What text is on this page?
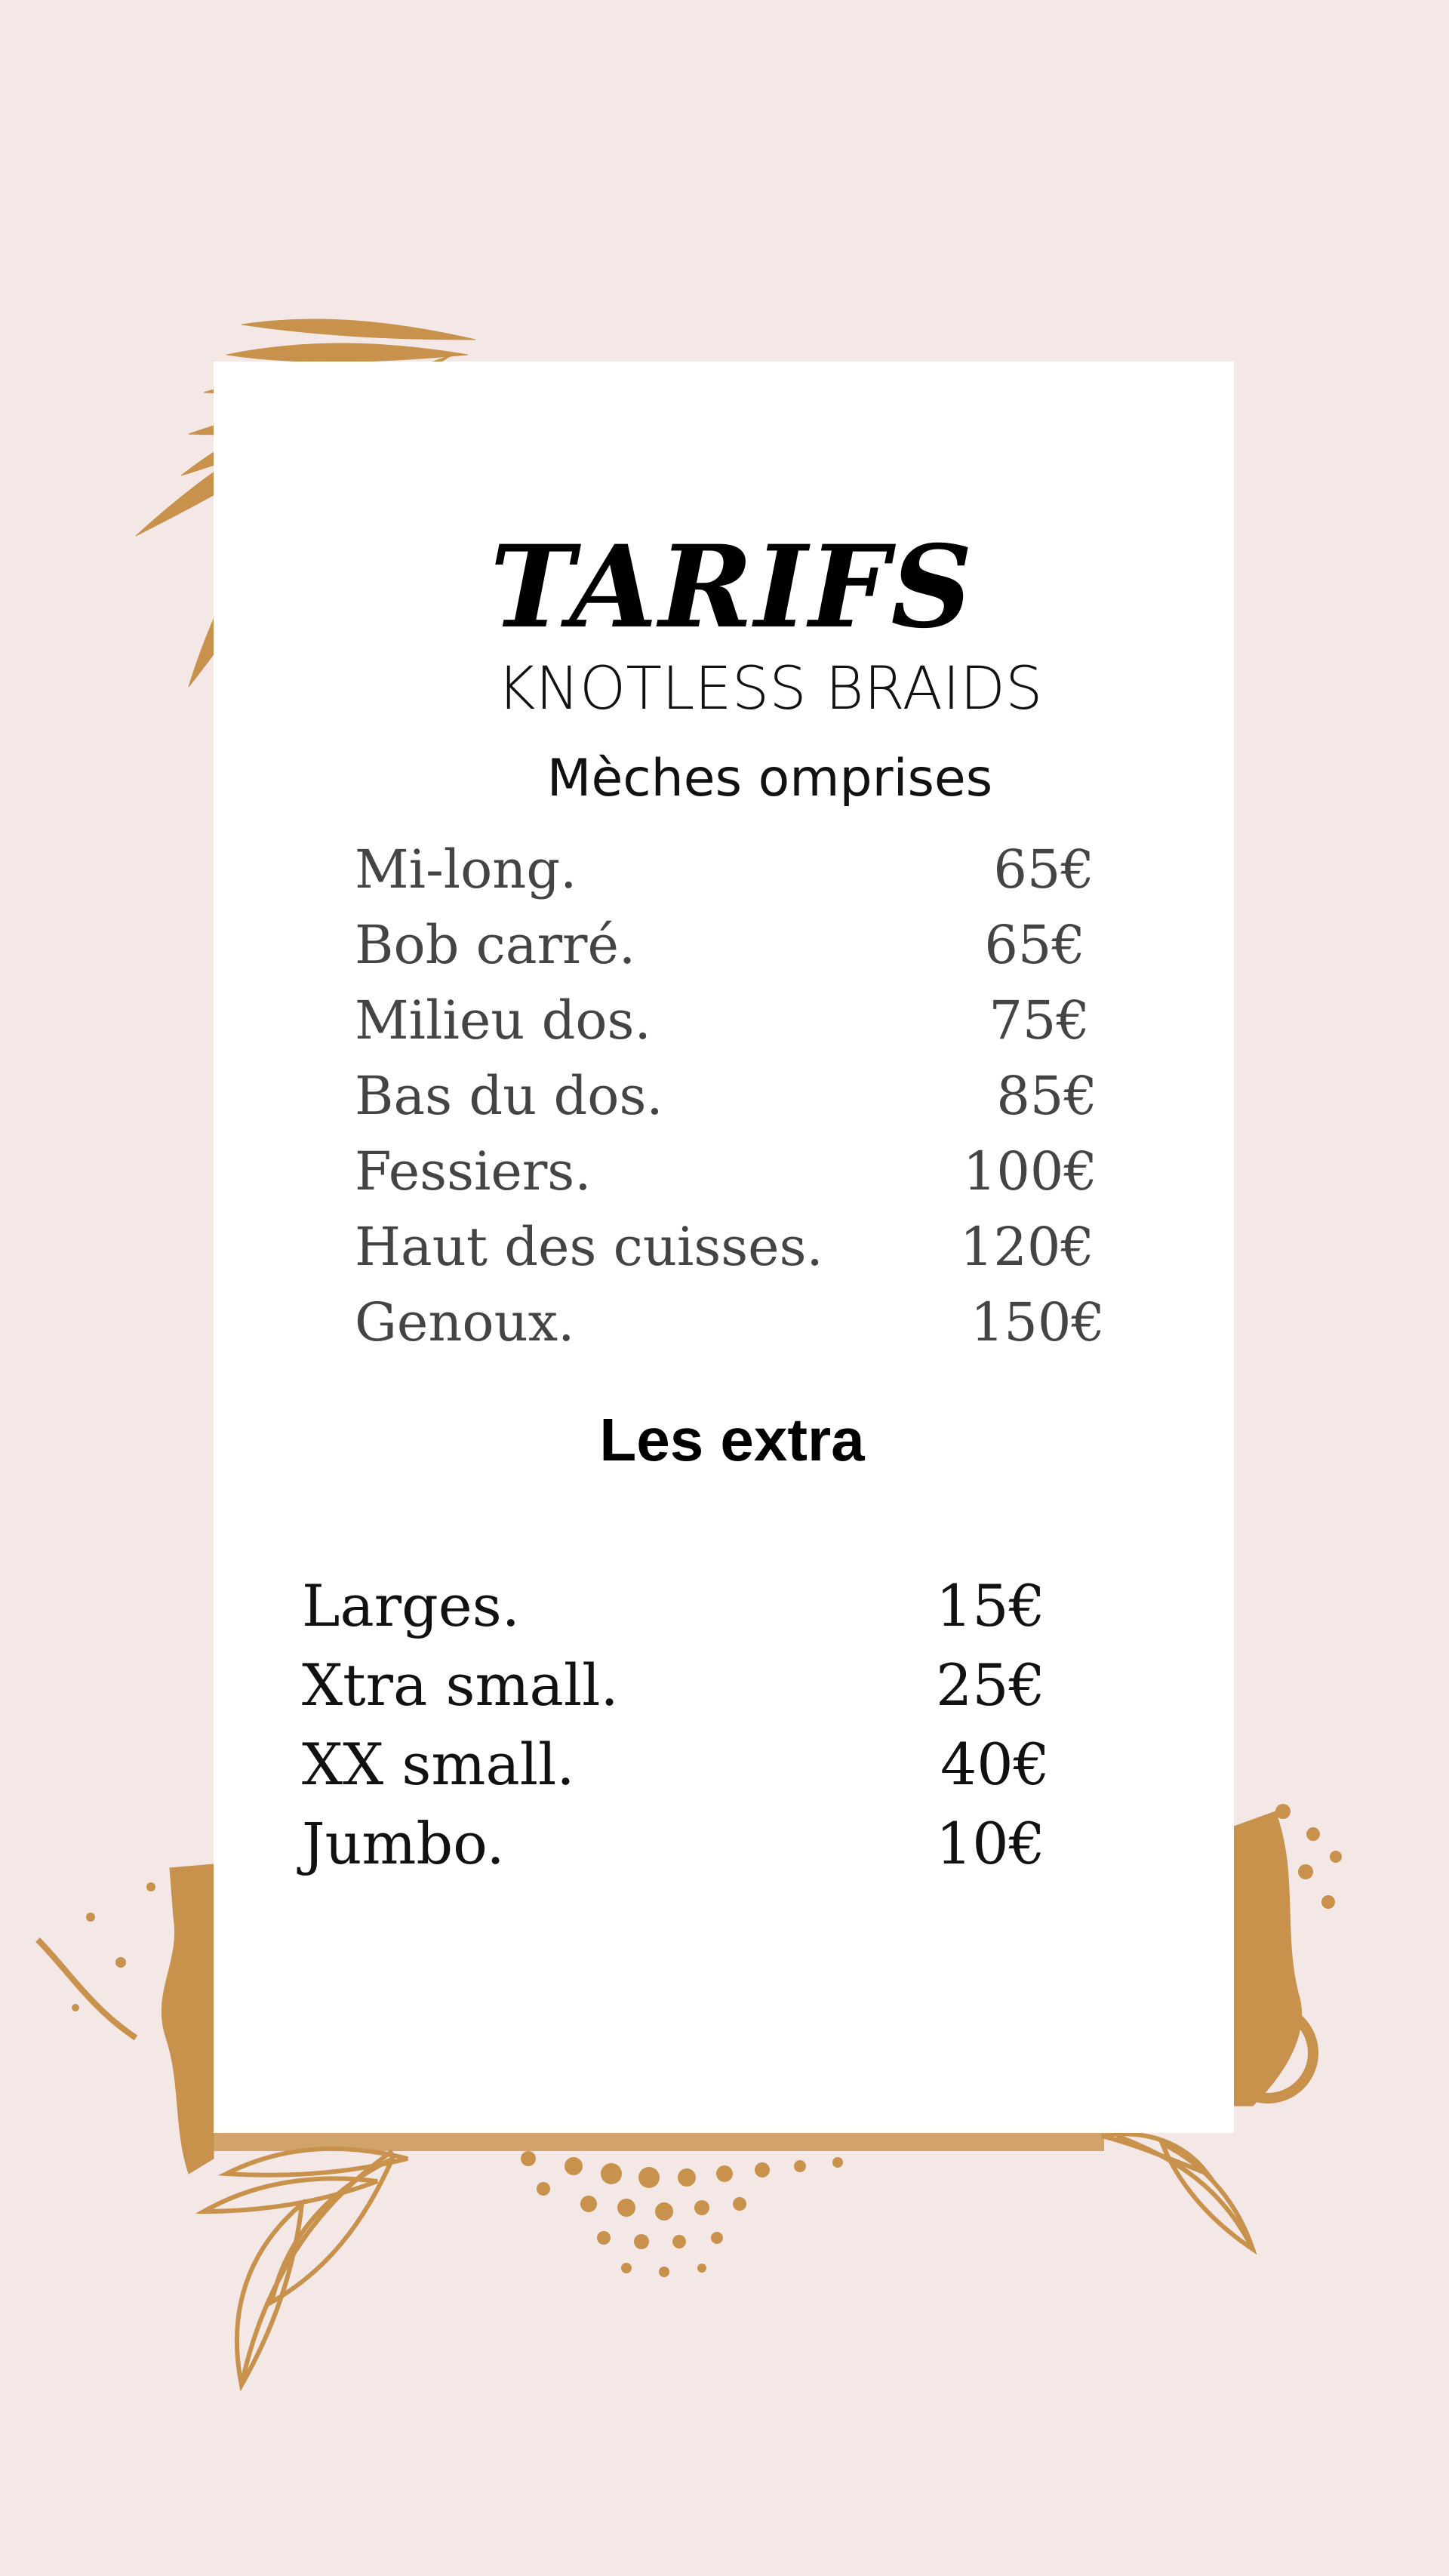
TARIFS
KNOTLESS BRAIDS
Mèches omprises
Mi-long.	65€
Bob carré.	65€
Milieu dos.	75€
Bas du dos.	85€
Fessiers.	100€
Haut des cuisses.	120€
Genoux.	150€
Les extra
Larges.	15€
Xtra small.	25€
XX small.	40€
Jumbo.	10€
